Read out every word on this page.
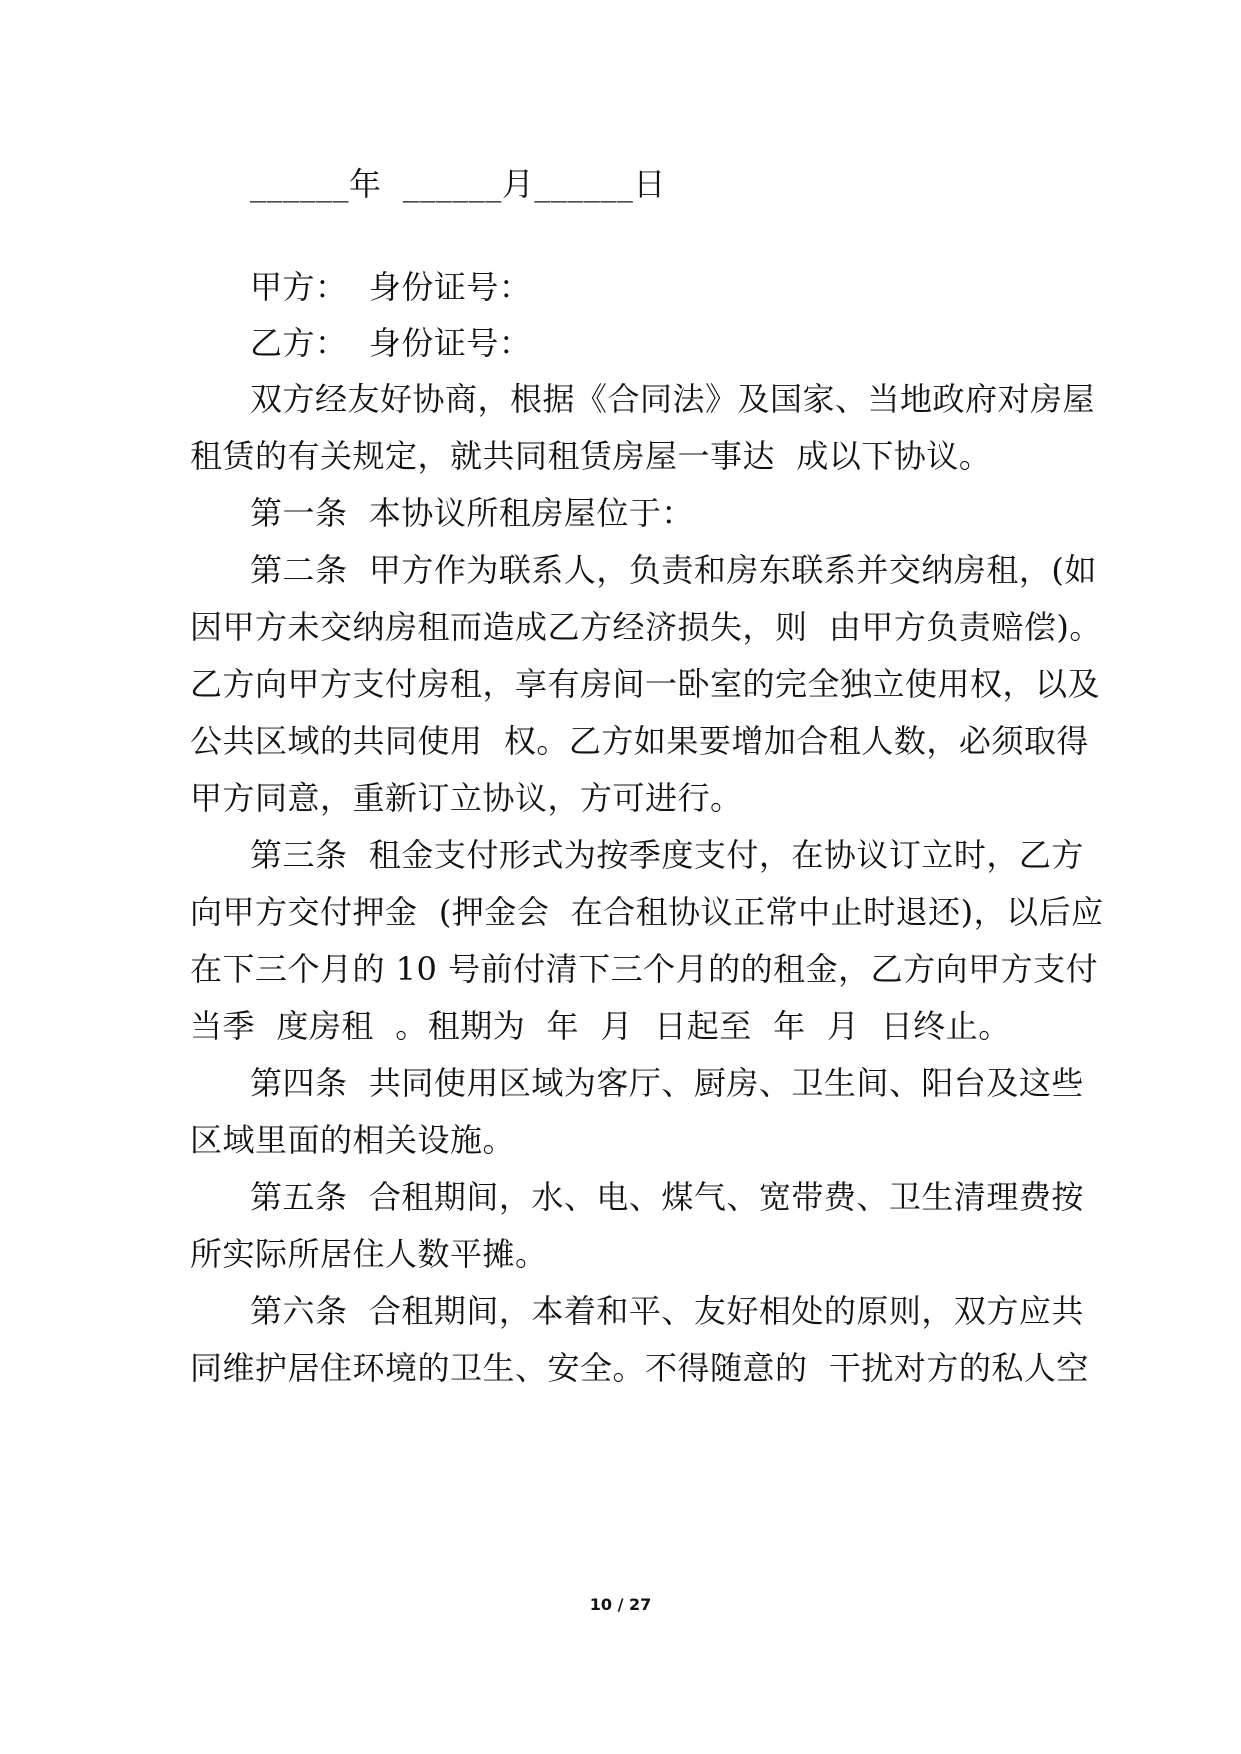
______年  ______月______日
甲方：  身份证号：
乙方：  身份证号：
双方经友好协商，根据《合同法》及国家、当地政府对房屋
租赁的有关规定，就共同租赁房屋一事达  成以下协议。
第一条  本协议所租房屋位于：
第二条  甲方作为联系人，负责和房东联系并交纳房租，(如
因甲方未交纳房租而造成乙方经济损失，则  由甲方负责赔偿)。
乙方向甲方支付房租，享有房间一卧室的完全独立使用权，以及
公共区域的共同使用  权。乙方如果要增加合租人数，必须取得
甲方同意，重新订立协议，方可进行。
第三条  租金支付形式为按季度支付，在协议订立时，乙方
向甲方交付押金  (押金会  在合租协议正常中止时退还)，以后应
在下三个月的 10 号前付清下三个月的的租金，乙方向甲方支付
当季  度房租  。租期为  年  月  日起至  年  月  日终止。
第四条  共同使用区域为客厅、厨房、卫生间、阳台及这些
区域里面的相关设施。
第五条  合租期间，水、电、煤气、宽带费、卫生清理费按
所实际所居住人数平摊。
第六条  合租期间，本着和平、友好相处的原则，双方应共
同维护居住环境的卫生、安全。不得随意的  干扰对方的私人空
10 / 27
